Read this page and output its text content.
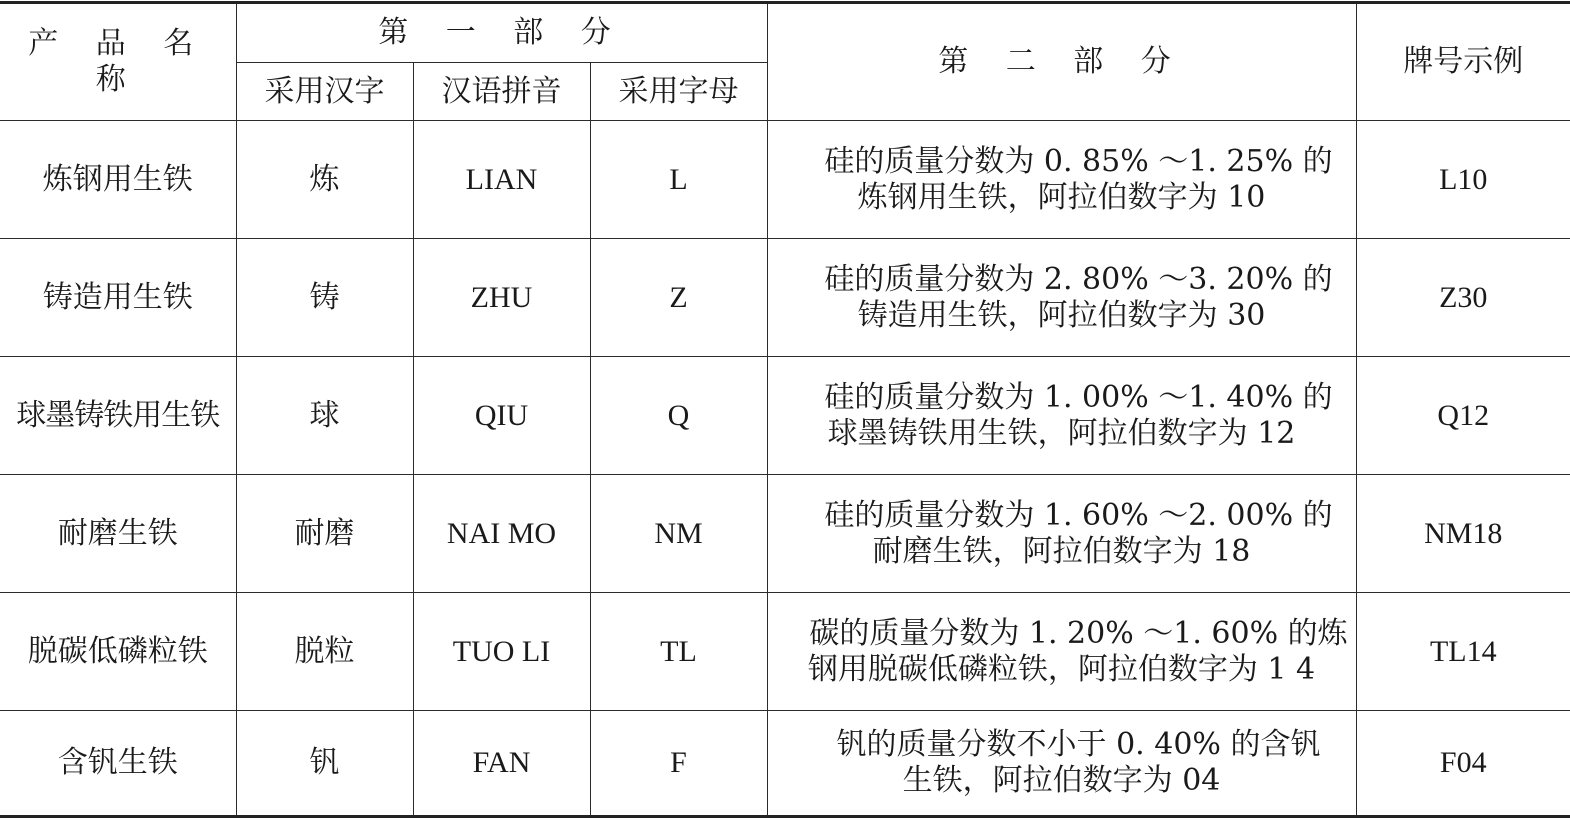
产 品 名 称	第 一 部 分			第 二 部 分	牌号示例
	采用汉字	汉语拼音	采用字母		
炼钢用生铁	炼	LIAN	L	硅的质量分数为 0. 85% ～1. 25% 的
炼钢用生铁，阿拉伯数字为 10	L10
铸造用生铁	铸	ZHU	Z	硅的质量分数为 2. 80% ～3. 20% 的
铸造用生铁，阿拉伯数字为 30	Z30
球墨铸铁用生铁	球	QIU	Q	硅的质量分数为 1. 00% ～1. 40% 的
球墨铸铁用生铁，阿拉伯数字为 12	Q12
耐磨生铁	耐磨	NAI MO	NM	硅的质量分数为 1. 60% ～2. 00% 的
耐磨生铁，阿拉伯数字为 18	NM18
脱碳低磷粒铁	脱粒	TUO LI	TL	碳的质量分数为 1. 20% ～1. 60% 的炼
钢用脱碳低磷粒铁，阿拉伯数字为 1 4	TL14
含钒生铁	钒	FAN	F	钒的质量分数不小于 0. 40% 的含钒
生铁，阿拉伯数字为 04	F04
